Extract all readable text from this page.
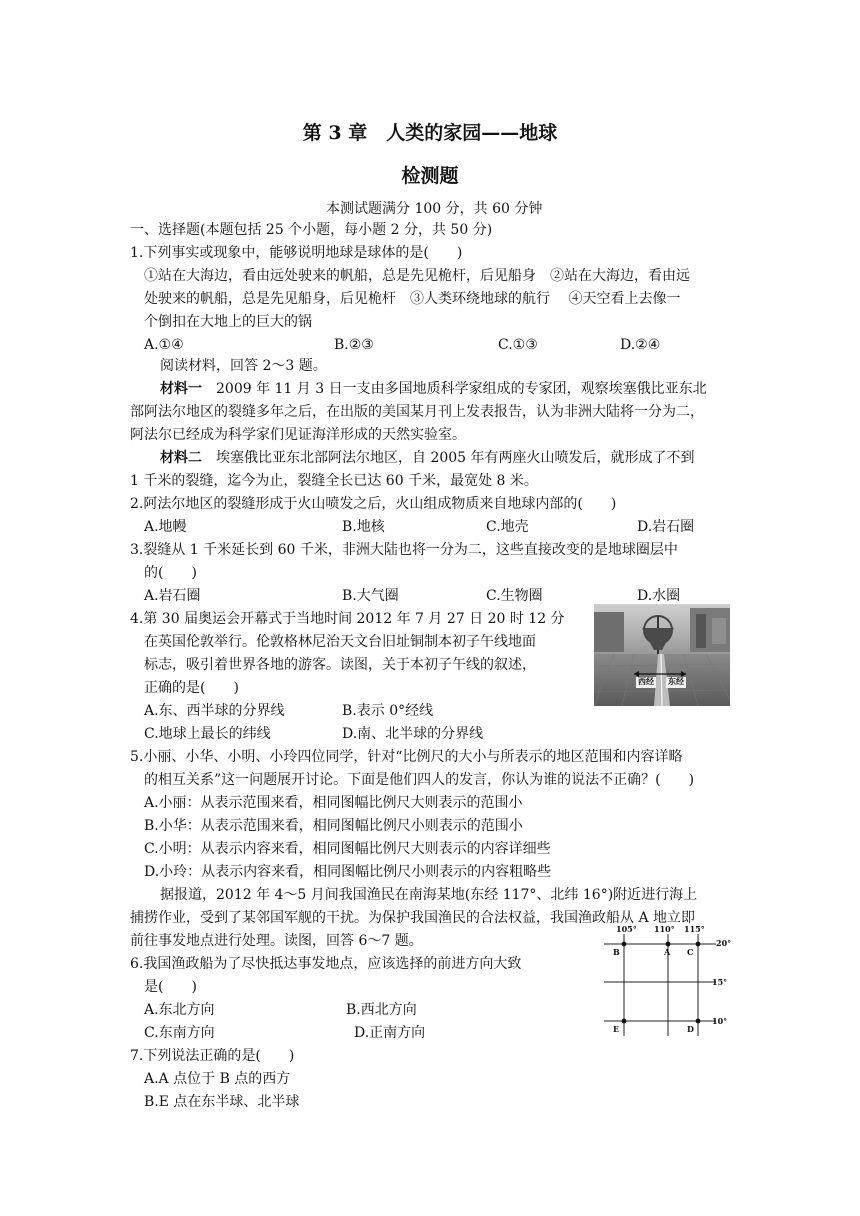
第 3 章　人类的家园——地球
检测题
本测试题满分 100 分，共 60 分钟
一、选择题(本题包括 25 个小题，每小题 2 分，共 50 分)
1.下列事实或现象中，能够说明地球是球体的是(　　)
①站在大海边，看由远处驶来的帆船，总是先见桅杆，后见船身　②站在大海边，看由远
处驶来的帆船，总是先见船身，后见桅杆　③人类环绕地球的航行　 ④天空看上去像一
个倒扣在大地上的巨大的锅
A.①④	B.②③	C.①③	D.②④
阅读材料，回答 2～3 题。
材料一　2009 年 11 月 3 日一支由多国地质科学家组成的专家团，观察埃塞俄比亚东北
部阿法尔地区的裂缝多年之后，在出版的美国某月刊上发表报告，认为非洲大陆将一分为二，
阿法尔已经成为科学家们见证海洋形成的天然实验室。
材料二　埃塞俄比亚东北部阿法尔地区，自 2005 年有两座火山喷发后，就形成了不到
1 千米的裂缝，迄今为止，裂缝全长已达 60 千米，最宽处 8 米。
2.阿法尔地区的裂缝形成于火山喷发之后，火山组成物质来自地球内部的(　　)
A.地幔	B.地核	C.地壳	D.岩石圈
3.裂缝从 1 千米延长到 60 千米，非洲大陆也将一分为二，这些直接改变的是地球圈层中
的(　　)
A.岩石圈	B.大气圈	C.生物圈	D.水圈
4.第 30 届奥运会开幕式于当地时间 2012 年 7 月 27 日 20 时 12 分
在英国伦敦举行。伦敦格林尼治天文台旧址铜制本初子午线地面
标志，吸引着世界各地的游客。读图，关于本初子午线的叙述，
正确的是(　　)
A.东、西半球的分界线	B.表示 0°经线
C.地球上最长的纬线	D.南、北半球的分界线
西经 东经
5.小丽、小华、小明、小玲四位同学，针对“比例尺的大小与所表示的地区范围和内容详略
的相互关系”这一问题展开讨论。下面是他们四人的发言，你认为谁的说法不正确？(　　)
A.小丽：从表示范围来看，相同图幅比例尺大则表示的范围小
B.小华：从表示范围来看，相同图幅比例尺小则表示的范围小
C.小明：从表示内容来看，相同图幅比例尺大则表示的内容详细些
D.小玲：从表示内容来看，相同图幅比例尺小则表示的内容粗略些
据报道，2012 年 4～5 月间我国渔民在南海某地(东经 117°、北纬 16°)附近进行海上
捕捞作业，受到了某邻国军舰的干扰。为保护我国渔民的合法权益，我国渔政船从 A 地立即
前往事发地点进行处理。读图，回答 6～7 题。
6.我国渔政船为了尽快抵达事发地点，应该选择的前进方向大致
是(　　)
A.东北方向	B.西北方向
C.东南方向	D.正南方向
7.下列说法正确的是(　　)
A.A 点位于 B 点的西方
B.E 点在东半球、北半球
105° 110° 115°
20°
15°
10°
B	A C
E	D
